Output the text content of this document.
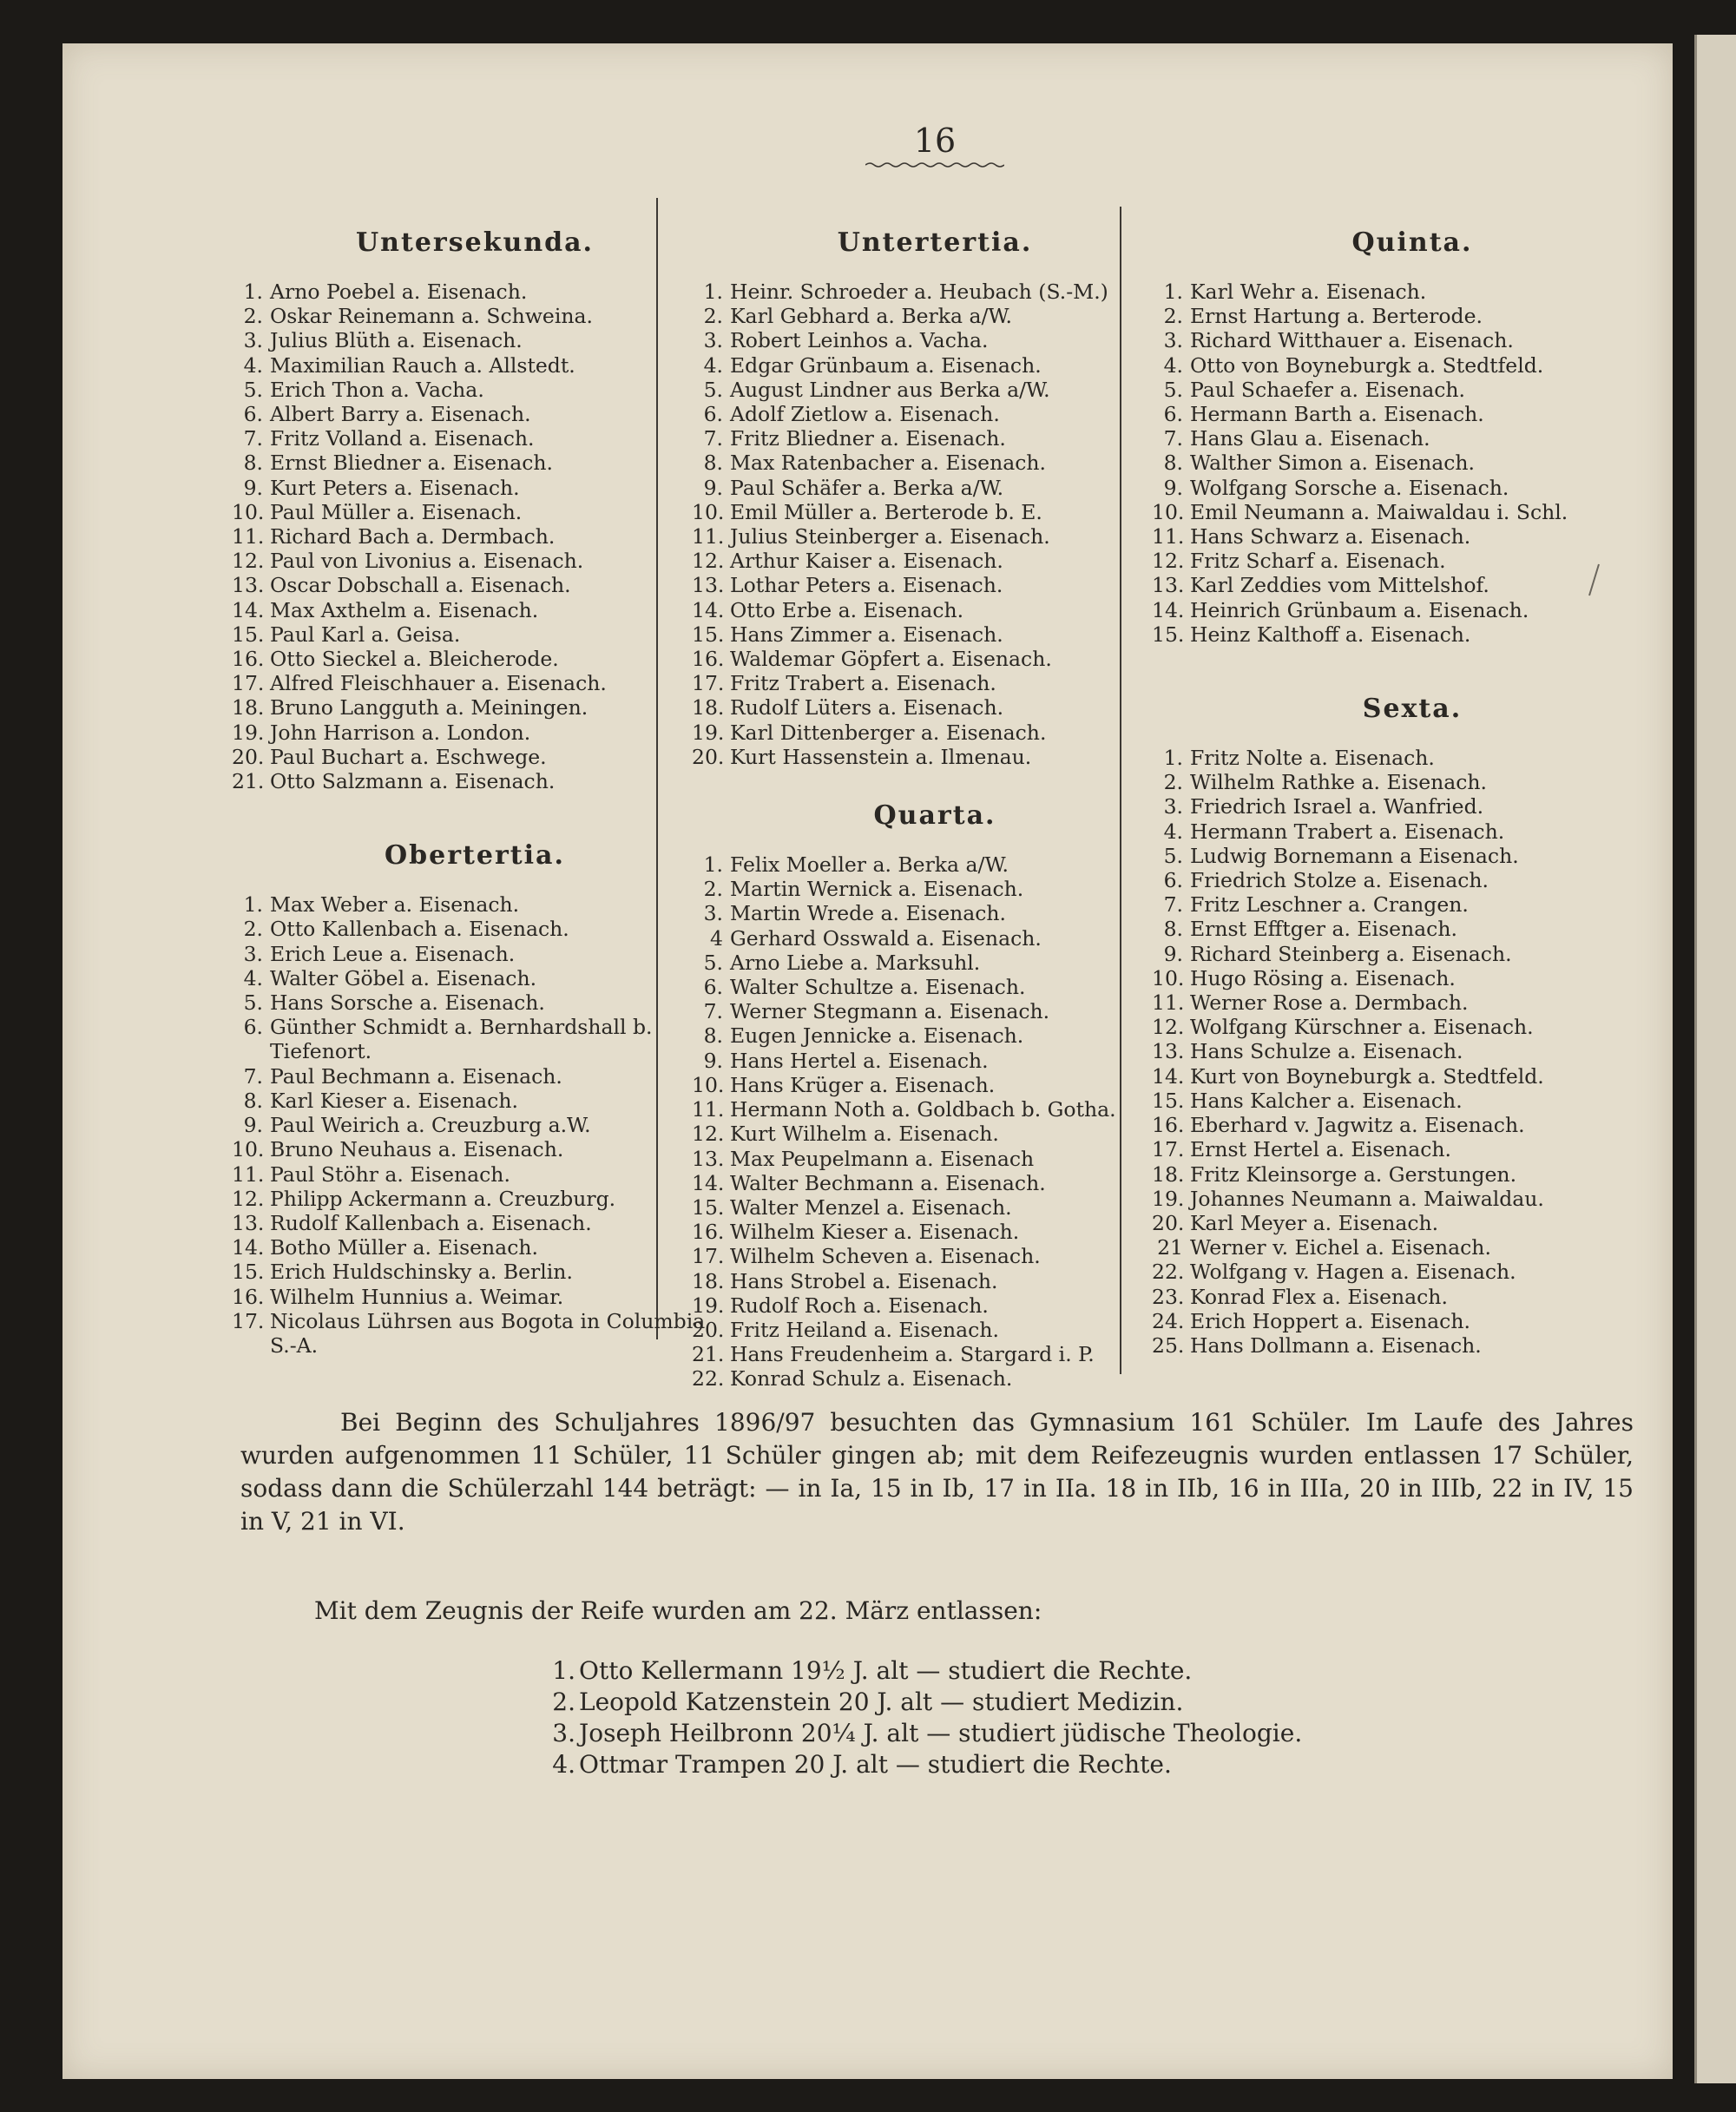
16
Untersekunda.
1. Arno Poebel a. Eisenach.
2. Oskar Reinemann a. Schweina.
3. Julius Blüth a. Eisenach.
4. Maximilian Rauch a. Allstedt.
5. Erich Thon a. Vacha.
6. Albert Barry a. Eisenach.
7. Fritz Volland a. Eisenach.
8. Ernst Bliedner a. Eisenach.
9. Kurt Peters a. Eisenach.
10. Paul Müller a. Eisenach.
11. Richard Bach a. Dermbach.
12. Paul von Livonius a. Eisenach.
13. Oscar Dobschall a. Eisenach.
14. Max Axthelm a. Eisenach.
15. Paul Karl a. Geisa.
16. Otto Sieckel a. Bleicherode.
17. Alfred Fleischhauer a. Eisenach.
18. Bruno Langguth a. Meiningen.
19. John Harrison a. London.
20. Paul Buchart a. Eschwege.
21. Otto Salzmann a. Eisenach.
Obertertia.
1. Max Weber a. Eisenach.
2. Otto Kallenbach a. Eisenach.
3. Erich Leue a. Eisenach.
4. Walter Göbel a. Eisenach.
5. Hans Sorsche a. Eisenach.
6. Günther Schmidt a. Bernhardshall b. Tiefenort.
7. Paul Bechmann a. Eisenach.
8. Karl Kieser a. Eisenach.
9. Paul Weirich a. Creuzburg a.W.
10. Bruno Neuhaus a. Eisenach.
11. Paul Stöhr a. Eisenach.
12. Philipp Ackermann a. Creuzburg.
13. Rudolf Kallenbach a. Eisenach.
14. Botho Müller a. Eisenach.
15. Erich Huldschinsky a. Berlin.
16. Wilhelm Hunnius a. Weimar.
17. Nicolaus Lührsen aus Bogota in Columbia S.-A.
Untertertia.
1. Heinr. Schroeder a. Heubach (S.-M.)
2. Karl Gebhard a. Berka a/W.
3. Robert Leinhos a. Vacha.
4. Edgar Grünbaum a. Eisenach.
5. August Lindner aus Berka a/W.
6. Adolf Zietlow a. Eisenach.
7. Fritz Bliedner a. Eisenach.
8. Max Ratenbacher a. Eisenach.
9. Paul Schäfer a. Berka a/W.
10. Emil Müller a. Berterode b. E.
11. Julius Steinberger a. Eisenach.
12. Arthur Kaiser a. Eisenach.
13. Lothar Peters a. Eisenach.
14. Otto Erbe a. Eisenach.
15. Hans Zimmer a. Eisenach.
16. Waldemar Göpfert a. Eisenach.
17. Fritz Trabert a. Eisenach.
18. Rudolf Lüters a. Eisenach.
19. Karl Dittenberger a. Eisenach.
20. Kurt Hassenstein a. Ilmenau.
Quarta.
1. Felix Moeller a. Berka a/W.
2. Martin Wernick a. Eisenach.
3. Martin Wrede a. Eisenach.
4 Gerhard Osswald a. Eisenach.
5. Arno Liebe a. Marksuhl.
6. Walter Schultze a. Eisenach.
7. Werner Stegmann a. Eisenach.
8. Eugen Jennicke a. Eisenach.
9. Hans Hertel a. Eisenach.
10. Hans Krüger a. Eisenach.
11. Hermann Noth a. Goldbach b. Gotha.
12. Kurt Wilhelm a. Eisenach.
13. Max Peupelmann a. Eisenach
14. Walter Bechmann a. Eisenach.
15. Walter Menzel a. Eisenach.
16. Wilhelm Kieser a. Eisenach.
17. Wilhelm Scheven a. Eisenach.
18. Hans Strobel a. Eisenach.
19. Rudolf Roch a. Eisenach.
20. Fritz Heiland a. Eisenach.
21. Hans Freudenheim a. Stargard i. P.
22. Konrad Schulz a. Eisenach.
Quinta.
1. Karl Wehr a. Eisenach.
2. Ernst Hartung a. Berterode.
3. Richard Witthauer a. Eisenach.
4. Otto von Boyneburgk a. Stedtfeld.
5. Paul Schaefer a. Eisenach.
6. Hermann Barth a. Eisenach.
7. Hans Glau a. Eisenach.
8. Walther Simon a. Eisenach.
9. Wolfgang Sorsche a. Eisenach.
10. Emil Neumann a. Maiwaldau i. Schl.
11. Hans Schwarz a. Eisenach.
12. Fritz Scharf a. Eisenach.
13. Karl Zeddies vom Mittelshof.
14. Heinrich Grünbaum a. Eisenach.
15. Heinz Kalthoff a. Eisenach.
Sexta.
1. Fritz Nolte a. Eisenach.
2. Wilhelm Rathke a. Eisenach.
3. Friedrich Israel a. Wanfried.
4. Hermann Trabert a. Eisenach.
5. Ludwig Bornemann a Eisenach.
6. Friedrich Stolze a. Eisenach.
7. Fritz Leschner a. Crangen.
8. Ernst Efftger a. Eisenach.
9. Richard Steinberg a. Eisenach.
10. Hugo Rösing a. Eisenach.
11. Werner Rose a. Dermbach.
12. Wolfgang Kürschner a. Eisenach.
13. Hans Schulze a. Eisenach.
14. Kurt von Boyneburgk a. Stedtfeld.
15. Hans Kalcher a. Eisenach.
16. Eberhard v. Jagwitz a. Eisenach.
17. Ernst Hertel a. Eisenach.
18. Fritz Kleinsorge a. Gerstungen.
19. Johannes Neumann a. Maiwaldau.
20. Karl Meyer a. Eisenach.
21 Werner v. Eichel a. Eisenach.
22. Wolfgang v. Hagen a. Eisenach.
23. Konrad Flex a. Eisenach.
24. Erich Hoppert a. Eisenach.
25. Hans Dollmann a. Eisenach.
Bei Beginn des Schuljahres 1896/97 besuchten das Gymnasium 161 Schüler. Im Laufe des Jahres wurden aufgenommen 11 Schüler, 11 Schüler gingen ab; mit dem Reifezeugnis wurden entlassen 17 Schüler, sodass dann die Schülerzahl 144 beträgt: — in Ia, 15 in Ib, 17 in IIa. 18 in IIb, 16 in IIIa, 20 in IIIb, 22 in IV, 15 in V, 21 in VI.
Mit dem Zeugnis der Reife wurden am 22. März entlassen:
1. Otto Kellermann 19½ J. alt — studiert die Rechte.
2. Leopold Katzenstein 20 J. alt — studiert Medizin.
3. Joseph Heilbronn 20¼ J. alt — studiert jüdische Theologie.
4. Ottmar Trampen 20 J. alt — studiert die Rechte.
